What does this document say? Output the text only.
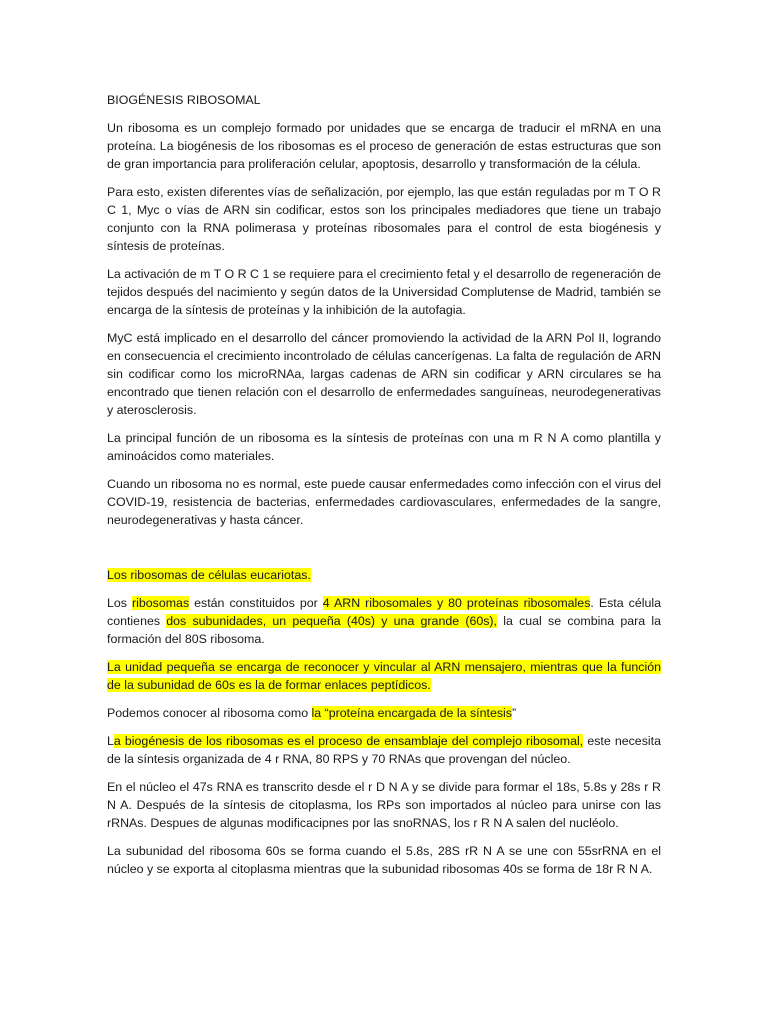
BIOGÉNESIS RIBOSOMAL

Un ribosoma es un complejo formado por unidades que se encarga de traducir el mRNA en una proteína. La biogénesis de los ribosomas es el proceso de generación de estas estructuras que son de gran importancia para proliferación celular, apoptosis, desarrollo y transformación de la célula.

Para esto, existen diferentes vías de señalización, por ejemplo, las que están reguladas por m T O R C 1, Myc o vías de ARN sin codificar, estos son los principales mediadores que tiene un trabajo conjunto con la RNA polimerasa y proteínas ribosomales para el control de esta biogénesis y síntesis de proteínas.

La activación de m T O R C 1 se requiere para el crecimiento fetal y el desarrollo de regeneración de tejidos después del nacimiento y según datos de la Universidad Complutense de Madrid, también se encarga de la síntesis de proteínas y la inhibición de la autofagia.

MyC está implicado en el desarrollo del cáncer promoviendo la actividad de la ARN Pol II, logrando en consecuencia el crecimiento incontrolado de células cancerígenas. La falta de regulación de ARN sin codificar como los microRNAa, largas cadenas de ARN sin codificar y ARN circulares se ha encontrado que tienen relación con el desarrollo de enfermedades sanguíneas, neurodegenerativas y aterosclerosis.

La principal función de un ribosoma es la síntesis de proteínas con una m R N A como plantilla y aminoácidos como materiales.

Cuando un ribosoma no es normal, este puede causar enfermedades como infección con el virus del COVID-19, resistencia de bacterias, enfermedades cardiovasculares, enfermedades de la sangre, neurodegenerativas y hasta cáncer.

Los ribosomas de células eucariotas.

Los ribosomas están constituidos por 4 ARN ribosomales y 80 proteínas ribosomales. Esta célula contienes dos subunidades, un pequeña (40s) y una grande (60s), la cual se combina para la formación del 80S ribosoma.

La unidad pequeña se encarga de reconocer y vincular al ARN mensajero, mientras que la función de la subunidad de 60s es la de formar enlaces peptídicos.

Podemos conocer al ribosoma como la “proteína encargada de la síntesis”

La biogénesis de los ribosomas es el proceso de ensamblaje del complejo ribosomal, este necesita de la síntesis organizada de 4 r RNA, 80 RPS y 70 RNAs que provengan del núcleo.

En el núcleo el 47s RNA es transcrito desde el r D N A y se divide para formar el 18s, 5.8s y 28s r R N A. Después de la síntesis de citoplasma, los RPs son importados al núcleo para unirse con las rRNAs. Despues de algunas modificacipnes por las snoRNAS, los r R N A salen del nucléolo.

La subunidad del ribosoma 60s se forma cuando el 5.8s, 28S rR N A se une con 55srRNA en el núcleo y se exporta al citoplasma mientras que la subunidad ribosomas 40s se forma de 18r R N A.
